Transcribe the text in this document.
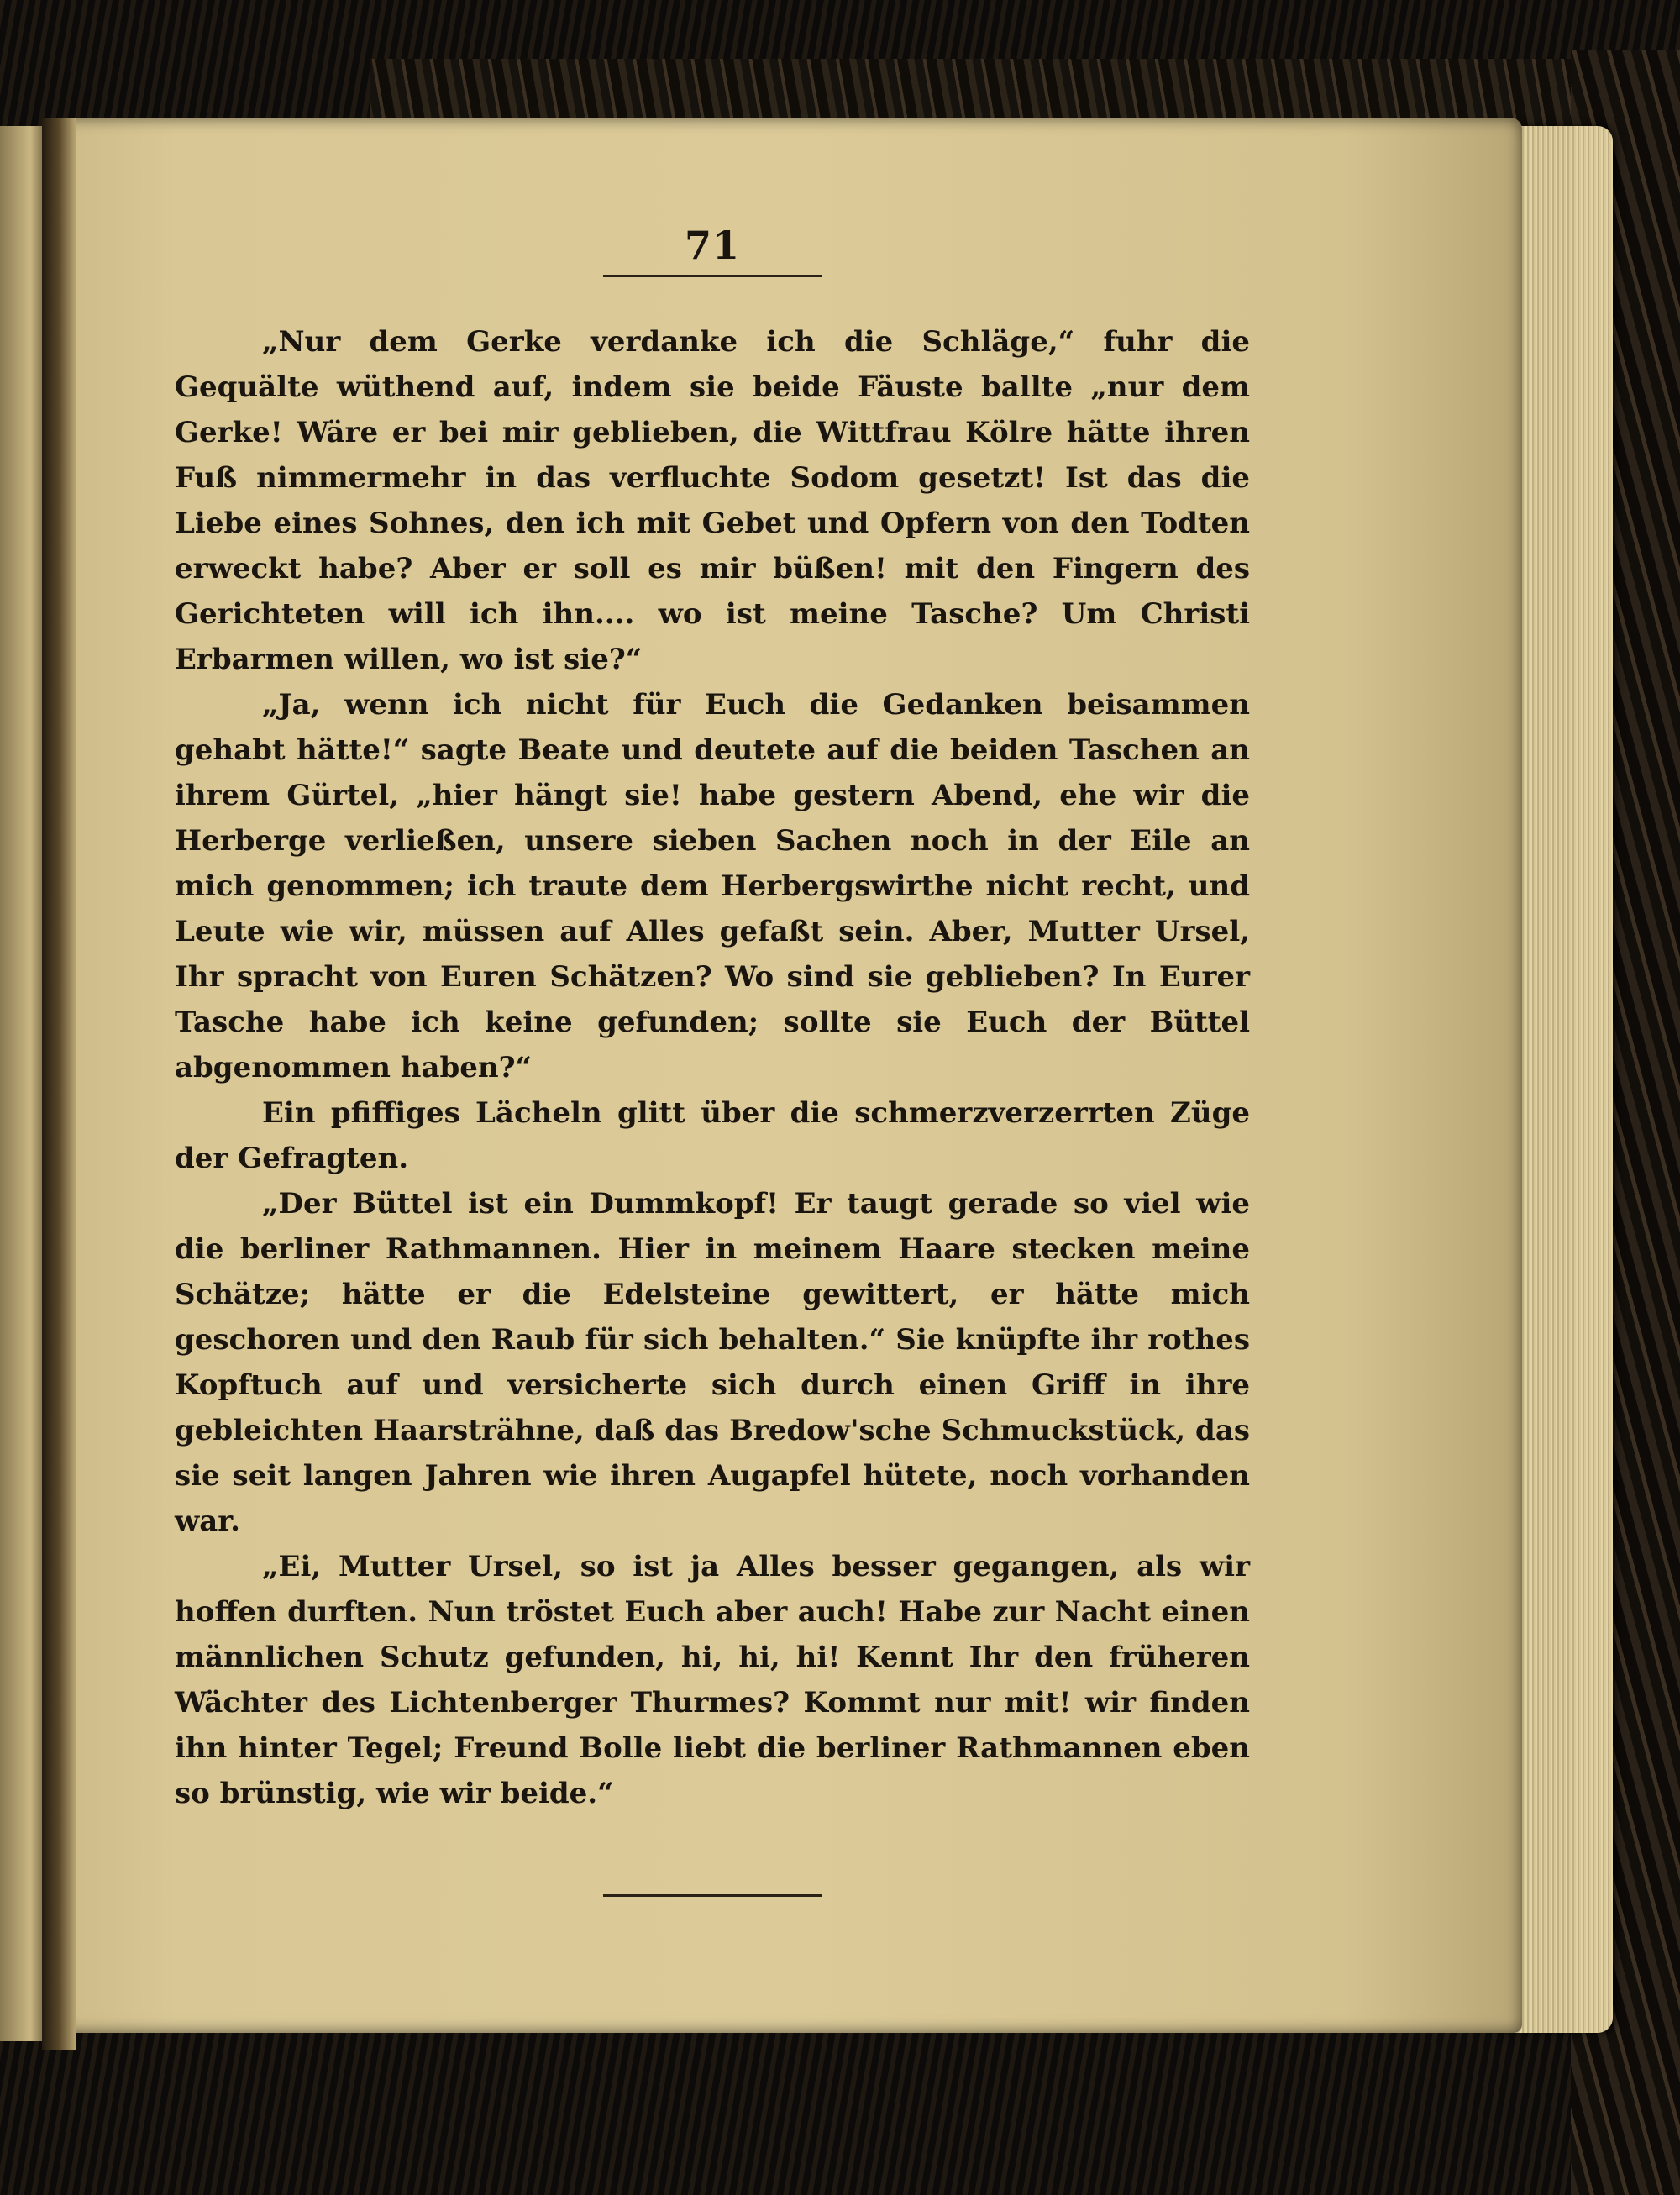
71

„Nur dem Gerke verdanke ich die Schläge,“ fuhr die Gequälte wüthend auf, indem sie beide Fäuste ballte „nur dem Gerke! Wäre er bei mir geblieben, die Wittfrau Kölre hätte ihren Fuß nimmermehr in das verfluchte Sodom gesetzt! Ist das die Liebe eines Sohnes, den ich mit Gebet und Opfern von den Todten erweckt habe? Aber er soll es mir büßen! mit den Fingern des Gerichteten will ich ihn.... wo ist meine Tasche? Um Christi Erbarmen willen, wo ist sie?“

„Ja, wenn ich nicht für Euch die Gedanken beisammen gehabt hätte!“ sagte Beate und deutete auf die beiden Taschen an ihrem Gürtel, „hier hängt sie! habe gestern Abend, ehe wir die Herberge verließen, unsere sieben Sachen noch in der Eile an mich genommen; ich traute dem Herbergswirthe nicht recht, und Leute wie wir, müssen auf Alles gefaßt sein. Aber, Mutter Ursel, Ihr spracht von Euren Schätzen? Wo sind sie geblieben? In Eurer Tasche habe ich keine gefunden; sollte sie Euch der Büttel abgenommen haben?“

Ein pfiffiges Lächeln glitt über die schmerzverzerrten Züge der Gefragten.

„Der Büttel ist ein Dummkopf! Er taugt gerade so viel wie die berliner Rathmannen. Hier in meinem Haare stecken meine Schätze; hätte er die Edelsteine gewittert, er hätte mich geschoren und den Raub für sich behalten.“ Sie knüpfte ihr rothes Kopftuch auf und versicherte sich durch einen Griff in ihre gebleichten Haarsträhne, daß das Bredow'sche Schmuckstück, das sie seit langen Jahren wie ihren Augapfel hütete, noch vorhanden war.

„Ei, Mutter Ursel, so ist ja Alles besser gegangen, als wir hoffen durften. Nun tröstet Euch aber auch! Habe zur Nacht einen männlichen Schutz gefunden, hi, hi, hi! Kennt Ihr den früheren Wächter des Lichtenberger Thurmes? Kommt nur mit! wir finden ihn hinter Tegel; Freund Bolle liebt die berliner Rathmannen eben so brünstig, wie wir beide.“
